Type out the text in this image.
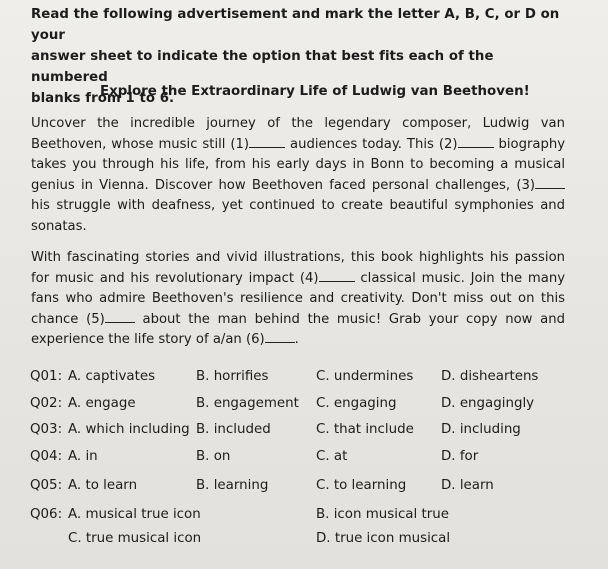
Read the following advertisement and mark the letter A, B, C, or D on your
answer sheet to indicate the option that best fits each of the numbered
blanks from 1 to 6.
Explore the Extraordinary Life of Ludwig van Beethoven!
Uncover the incredible journey of the legendary composer, Ludwig van Beethoven, whose music still (1)	audiences today. This (2)	biography takes you through his life, from his early days in Bonn to becoming a musical genius in Vienna. Discover how Beethoven faced personal challenges, (3) his struggle with deafness, yet continued to create beautiful symphonies and sonatas.
With fascinating stories and vivid illustrations, this book highlights his passion for music and his revolutionary impact (4)	classical music. Join the many fans who admire Beethoven's resilience and creativity. Don't miss out on this chance (5) about the man behind the music! Grab your copy now and experience the life story of a/an (6) .
Q01: A. captivates	B. horrifies	C. undermines D. disheartens
Q02: A. engage	B. engagement C. engaging	D. engagingly
Q03: A. which including B. included	C. that include D. including
Q04: A. in	B. on	C. at	D. for
Q05: A. to learn	B. learning	C. to learning	D. learn
Q06: A. musical true icon	B. icon musical true
C. true musical icon	D. true icon musical
